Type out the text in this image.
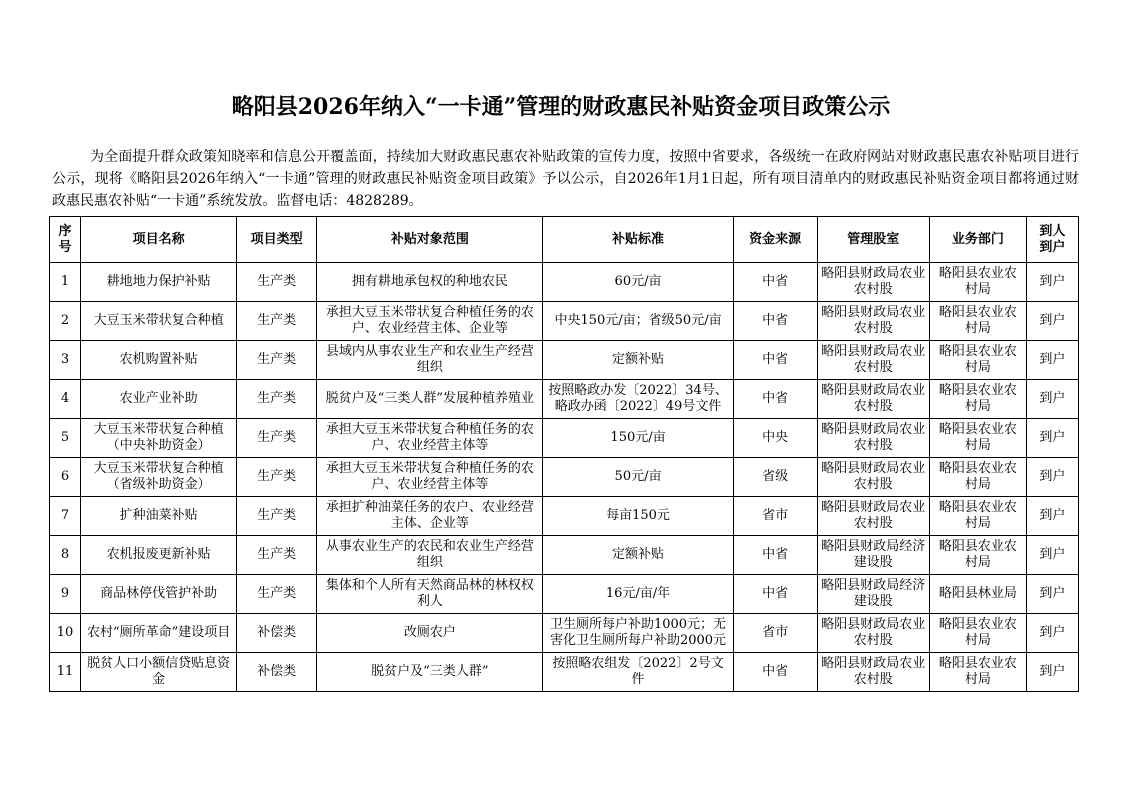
略阳县2026年纳入“一卡通”管理的财政惠民补贴资金项目政策公示
为全面提升群众政策知晓率和信息公开覆盖面，持续加大财政惠民惠农补贴政策的宣传力度，按照中省要求，各级统一在政府网站对财政惠民惠农补贴项目进行公示，现将《略阳县2026年纳入“一卡通”管理的财政惠民补贴资金项目政策》予以公示，自2026年1月1日起，所有项目清单内的财政惠民补贴资金项目都将通过财政惠民惠农补贴“一卡通”系统发放。监督电话：4828289。
序号	项目名称	项目类型	补贴对象范围	补贴标准	资金来源	管理股室	业务部门	到人到户
1	耕地地力保护补贴	生产类	拥有耕地承包权的种地农民	60元/亩	中省	略阳县财政局农业农村股	略阳县农业农村局	到户
2	大豆玉米带状复合种植	生产类	承担大豆玉米带状复合种植任务的农户、农业经营主体、企业等	中央150元/亩；省级50元/亩	中省	略阳县财政局农业农村股	略阳县农业农村局	到户
3	农机购置补贴	生产类	县域内从事农业生产和农业生产经营组织	定额补贴	中省	略阳县财政局农业农村股	略阳县农业农村局	到户
4	农业产业补助	生产类	脱贫户及“三类人群”发展种植养殖业	按照略政办发〔2022〕34号、略政办函〔2022〕49号文件	中省	略阳县财政局农业农村股	略阳县农业农村局	到户
5	大豆玉米带状复合种植（中央补助资金）	生产类	承担大豆玉米带状复合种植任务的农户、农业经营主体等	150元/亩	中央	略阳县财政局农业农村股	略阳县农业农村局	到户
6	大豆玉米带状复合种植（省级补助资金）	生产类	承担大豆玉米带状复合种植任务的农户、农业经营主体等	50元/亩	省级	略阳县财政局农业农村股	略阳县农业农村局	到户
7	扩种油菜补贴	生产类	承担扩种油菜任务的农户、农业经营主体、企业等	每亩150元	省市	略阳县财政局农业农村股	略阳县农业农村局	到户
8	农机报废更新补贴	生产类	从事农业生产的农民和农业生产经营组织	定额补贴	中省	略阳县财政局经济建设股	略阳县农业农村局	到户
9	商品林停伐管护补助	生产类	集体和个人所有天然商品林的林权权利人	16元/亩/年	中省	略阳县财政局经济建设股	略阳县林业局	到户
10	农村“厕所革命”建设项目	补偿类	改厕农户	卫生厕所每户补助1000元；无害化卫生厕所每户补助2000元	省市	略阳县财政局农业农村股	略阳县农业农村局	到户
11	脱贫人口小额信贷贴息资金	补偿类	脱贫户及“三类人群”	按照略农组发〔2022〕2号文件	中省	略阳县财政局农业农村股	略阳县农业农村局	到户
